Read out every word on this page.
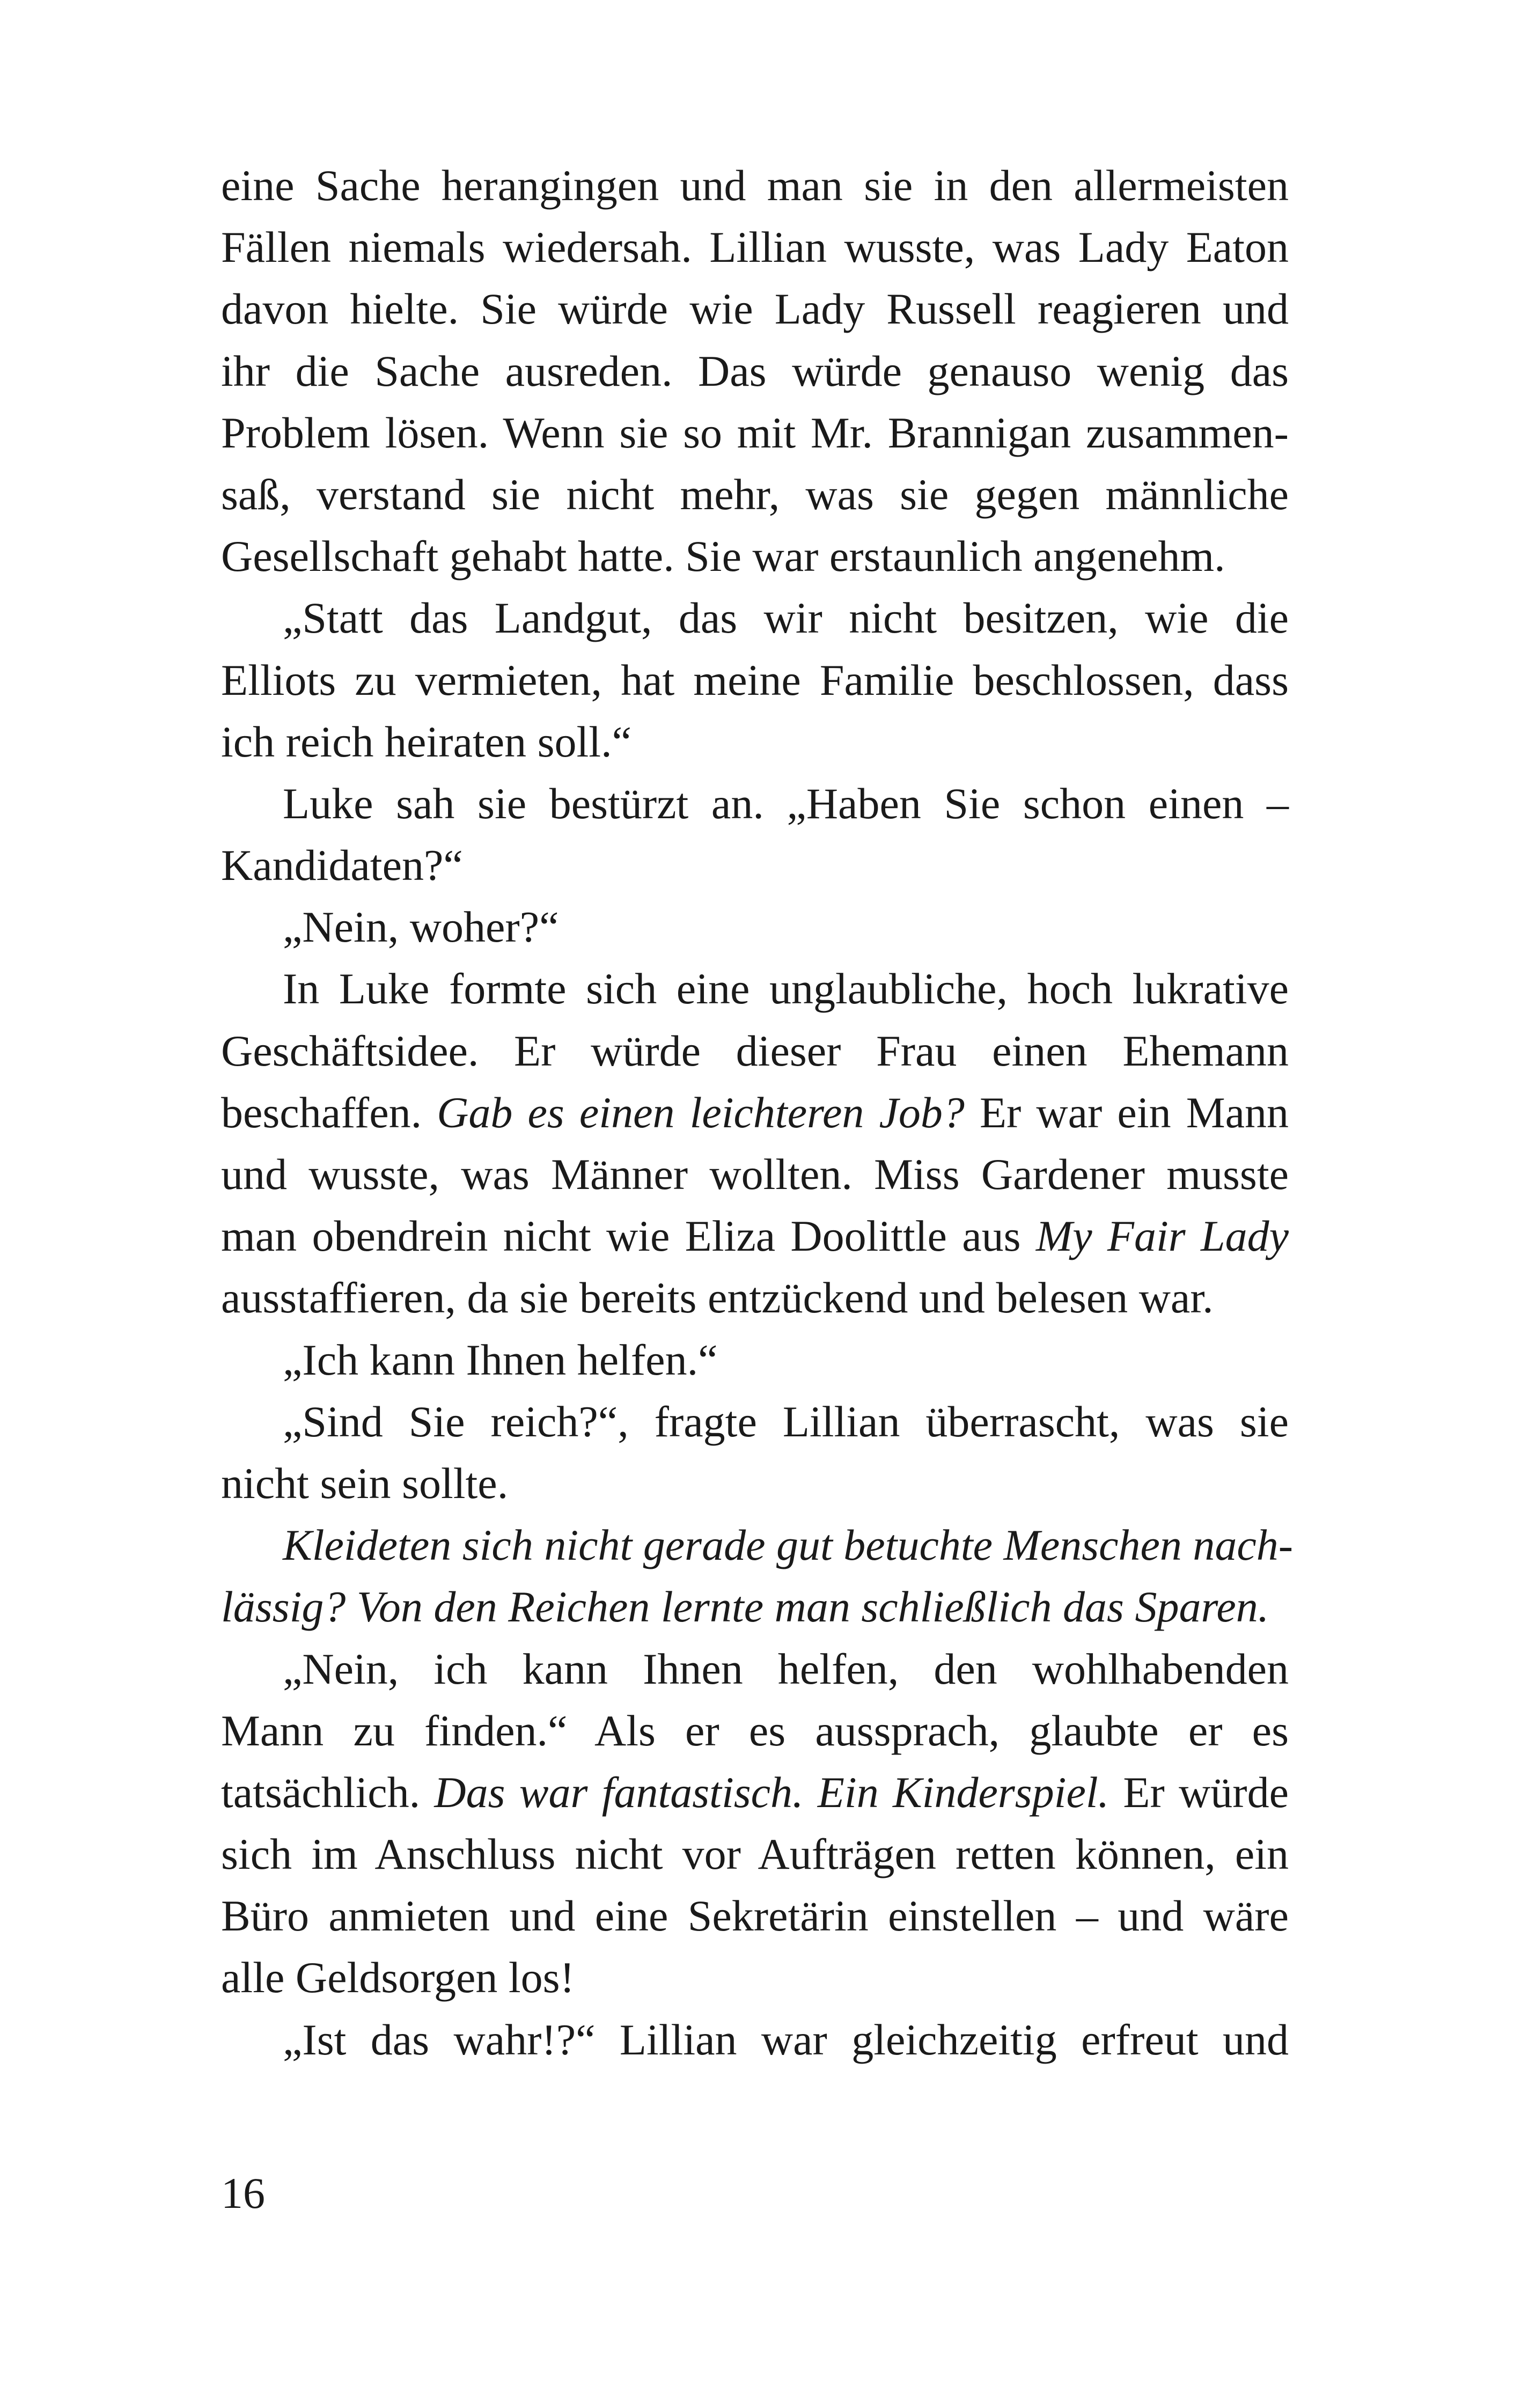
eine Sache herangingen und man sie in den allermeisten
Fällen niemals wiedersah. Lillian wusste, was Lady Eaton
davon hielte. Sie würde wie Lady Russell reagieren und
ihr die Sache ausreden. Das würde genauso wenig das
Problem lösen. Wenn sie so mit Mr. Brannigan zusammen-
saß, verstand sie nicht mehr, was sie gegen männliche
Gesellschaft gehabt hatte. Sie war erstaunlich angenehm.
„Statt das Landgut, das wir nicht besitzen, wie die
Elliots zu vermieten, hat meine Familie beschlossen, dass
ich reich heiraten soll.“
Luke sah sie bestürzt an. „Haben Sie schon einen –
Kandidaten?“
„Nein, woher?“
In Luke formte sich eine unglaubliche, hoch lukrative
Geschäftsidee. Er würde dieser Frau einen Ehemann
beschaffen. Gab es einen leichteren Job? Er war ein Mann
und wusste, was Männer wollten. Miss Gardener musste
man obendrein nicht wie Eliza Doolittle aus My Fair Lady
ausstaffieren, da sie bereits entzückend und belesen war.
„Ich kann Ihnen helfen.“
„Sind Sie reich?“, fragte Lillian überrascht, was sie
nicht sein sollte.
Kleideten sich nicht gerade gut betuchte Menschen nach-
lässig? Von den Reichen lernte man schließlich das Sparen.
„Nein, ich kann Ihnen helfen, den wohlhabenden
Mann zu finden.“ Als er es aussprach, glaubte er es
tatsächlich. Das war fantastisch. Ein Kinderspiel. Er würde
sich im Anschluss nicht vor Aufträgen retten können, ein
Büro anmieten und eine Sekretärin einstellen – und wäre
alle Geldsorgen los!
„Ist das wahr!?“ Lillian war gleichzeitig erfreut und
16
